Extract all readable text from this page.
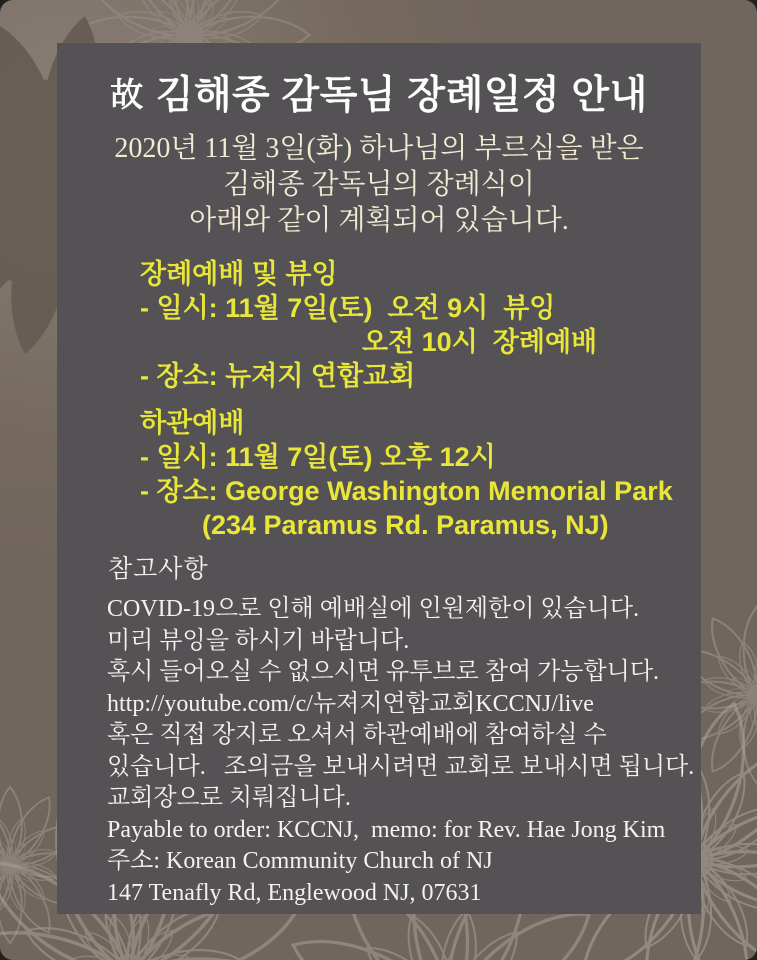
故 김해종 감독님 장례일정 안내
2020년 11월 3일(화) 하나님의 부르심을 받은
김해종 감독님의 장례식이
아래와 같이 계획되어 있습니다.
장례예배 및 뷰잉
- 일시: 11월 7일(토)  오전 9시  뷰잉
오전 10시  장례예배
- 장소: 뉴져지 연합교회
하관예배
- 일시: 11월 7일(토) 오후 12시
- 장소: George Washington Memorial Park
(234 Paramus Rd. Paramus, NJ)
참고사항
COVID-19으로 인해 예배실에 인원제한이 있습니다.
미리 뷰잉을 하시기 바랍니다.
혹시 들어오실 수 없으시면 유투브로 참여 가능합니다.
http://youtube.com/c/뉴져지연합교회KCCNJ/live
혹은 직접 장지로 오셔서 하관예배에 참여하실 수
있습니다.   조의금을 보내시려면 교회로 보내시면 됩니다.
교회장으로 치뤄집니다.
Payable to order: KCCNJ,  memo: for Rev. Hae Jong Kim
주소: Korean Community Church of NJ
147 Tenafly Rd, Englewood NJ, 07631
